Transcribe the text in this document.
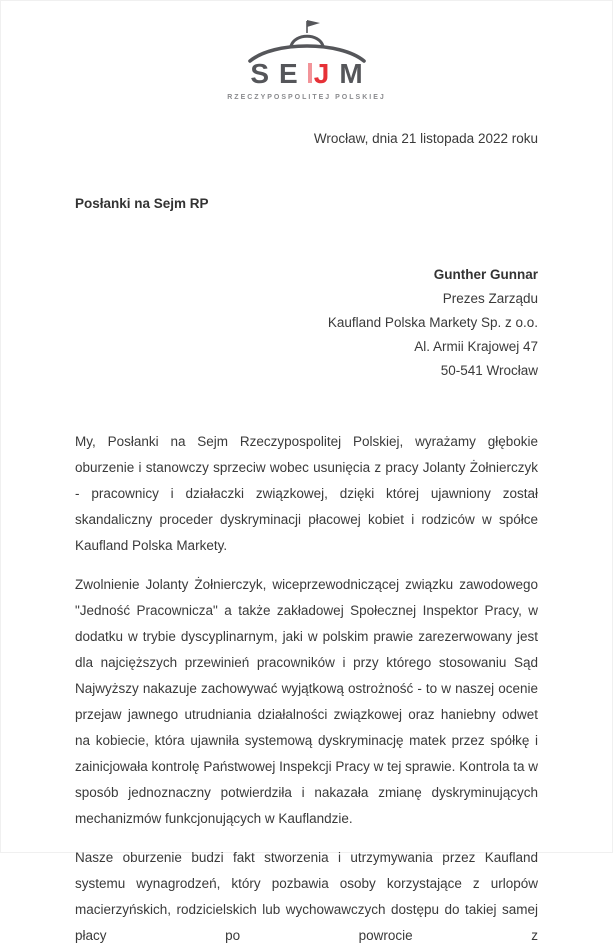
S E J M
RZECZYPOSPOLITEJ POLSKIEJ
Wrocław, dnia 21 listopada 2022 roku
Posłanki na Sejm RP
Gunther Gunnar
Prezes Zarządu
Kaufland Polska Markety Sp. z o.o.
Al. Armii Krajowej 47
50-541 Wrocław

My, Posłanki na Sejm Rzeczypospolitej Polskiej, wyrażamy głębokie oburzenie i stanowczy sprzeciw wobec usunięcia z pracy Jolanty Żołnierczyk - pracownicy i działaczki związkowej, dzięki której ujawniony został skandaliczny proceder dyskryminacji płacowej kobiet i rodziców w spółce Kaufland Polska Markety.

Zwolnienie Jolanty Żołnierczyk, wiceprzewodniczącej związku zawodowego "Jedność Pracownicza" a także zakładowej Społecznej Inspektor Pracy, w dodatku w trybie dyscyplinarnym, jaki w polskim prawie zarezerwowany jest dla najcięższych przewinień pracowników i przy którego stosowaniu Sąd Najwyższy nakazuje zachowywać wyjątkową ostrożność - to w naszej ocenie przejaw jawnego utrudniania działalności związkowej oraz haniebny odwet na kobiecie, która ujawniła systemową dyskryminację matek przez spółkę i zainicjowała kontrolę Państwowej Inspekcji Pracy w tej sprawie. Kontrola ta w sposób jednoznaczny potwierdziła i nakazała zmianę dyskryminujących mechanizmów funkcjonujących w Kauflandzie.

Nasze oburzenie budzi fakt stworzenia i utrzymywania przez Kaufland systemu wynagrodzeń, który pozbawia osoby korzystające z urlopów macierzyńskich, rodzicielskich lub wychowawczych dostępu do takiej samej płacy po powrocie z
